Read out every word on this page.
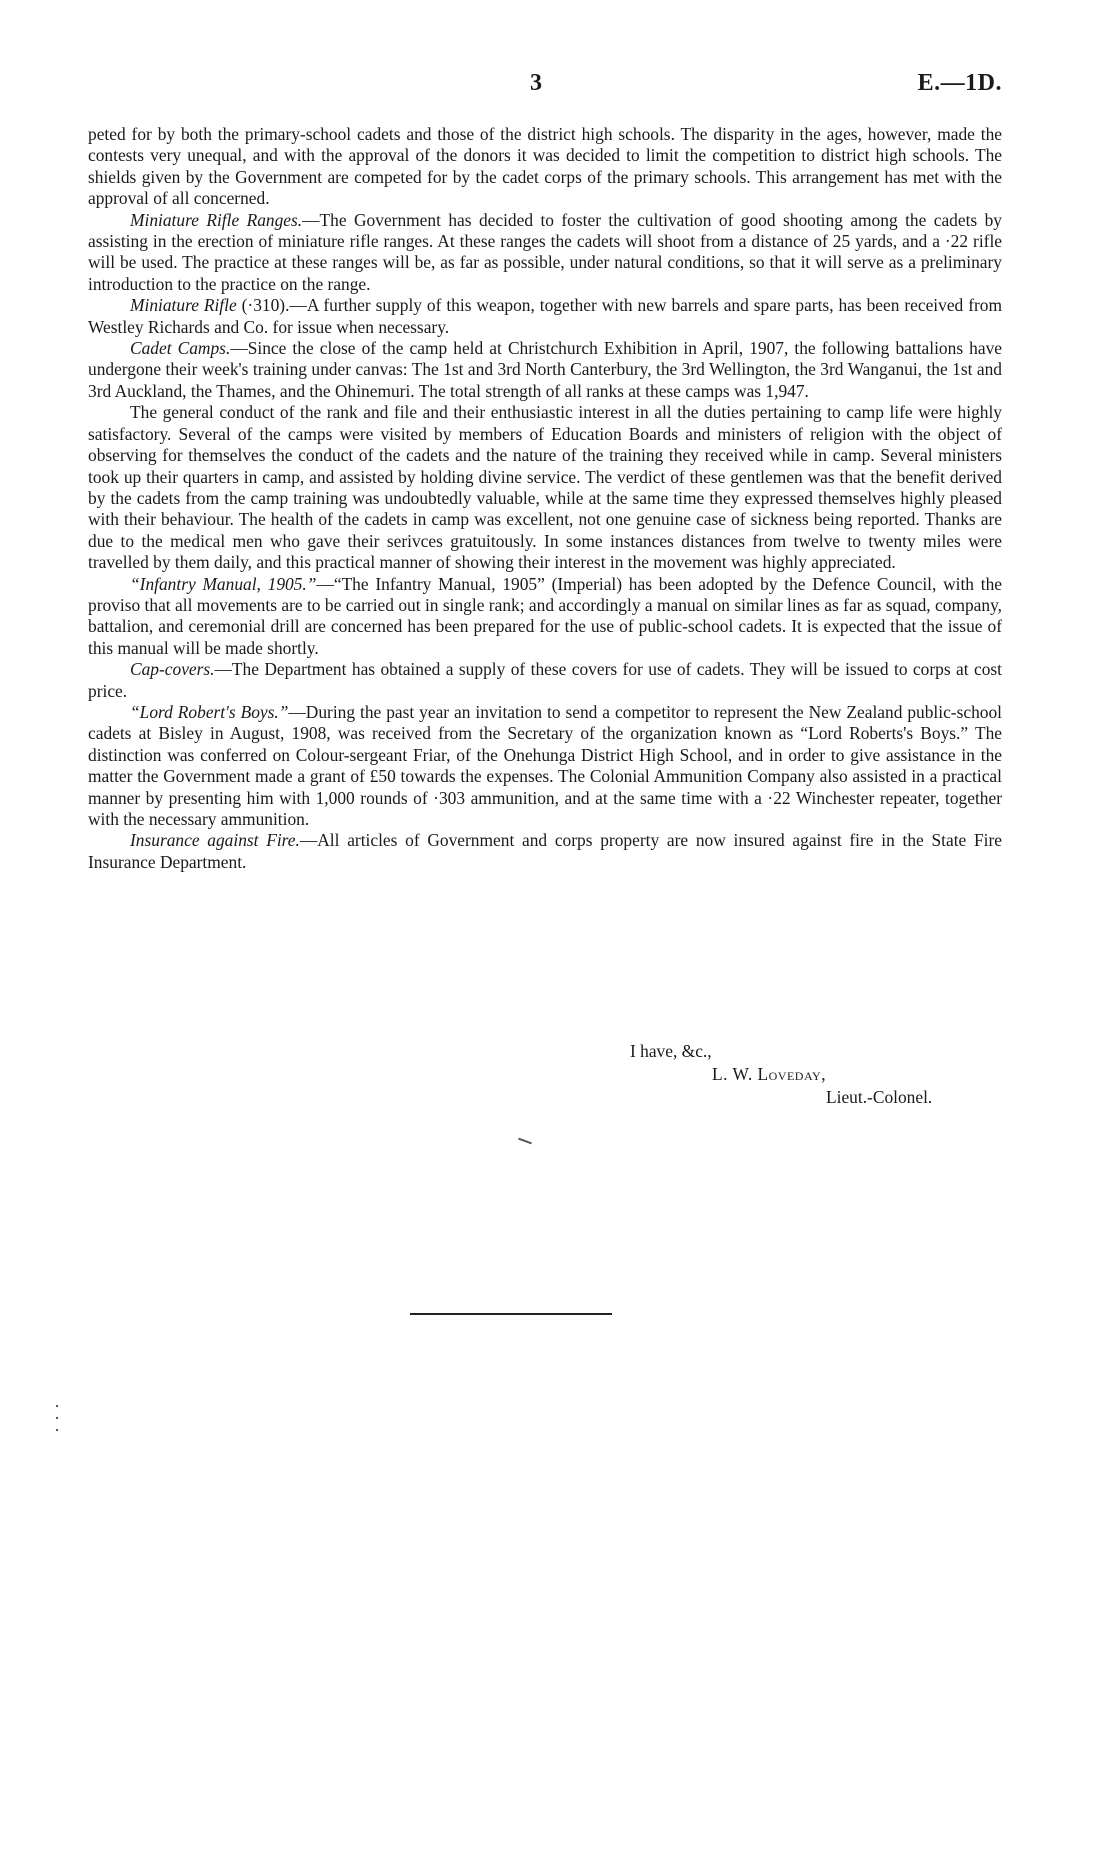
3	E.—1D.

peted for by both the primary-school cadets and those of the district high schools. The disparity in the ages, however, made the contests very unequal, and with the approval of the donors it was decided to limit the competition to district high schools. The shields given by the Government are competed for by the cadet corps of the primary schools. This arrangement has met with the approval of all concerned.

Miniature Rifle Ranges.—The Government has decided to foster the cultivation of good shooting among the cadets by assisting in the erection of miniature rifle ranges. At these ranges the cadets will shoot from a distance of 25 yards, and a ·22 rifle will be used. The practice at these ranges will be, as far as possible, under natural conditions, so that it will serve as a preliminary introduction to the practice on the range.

Miniature Rifle (·310).—A further supply of this weapon, together with new barrels and spare parts, has been received from Westley Richards and Co. for issue when necessary.

Cadet Camps.—Since the close of the camp held at Christchurch Exhibition in April, 1907, the following battalions have undergone their week's training under canvas: The 1st and 3rd North Canterbury, the 3rd Wellington, the 3rd Wanganui, the 1st and 3rd Auckland, the Thames, and the Ohinemuri. The total strength of all ranks at these camps was 1,947.

The general conduct of the rank and file and their enthusiastic interest in all the duties pertaining to camp life were highly satisfactory. Several of the camps were visited by members of Education Boards and ministers of religion with the object of observing for themselves the conduct of the cadets and the nature of the training they received while in camp. Several ministers took up their quarters in camp, and assisted by holding divine service. The verdict of these gentlemen was that the benefit derived by the cadets from the camp training was undoubtedly valuable, while at the same time they expressed themselves highly pleased with their behaviour. The health of the cadets in camp was excellent, not one genuine case of sickness being reported. Thanks are due to the medical men who gave their serivces gratuitously. In some instances distances from twelve to twenty miles were travelled by them daily, and this practical manner of showing their interest in the movement was highly appreciated.

“Infantry Manual, 1905.”—“The Infantry Manual, 1905” (Imperial) has been adopted by the Defence Council, with the proviso that all movements are to be carried out in single rank; and accordingly a manual on similar lines as far as squad, company, battalion, and ceremonial drill are concerned has been prepared for the use of public-school cadets. It is expected that the issue of this manual will be made shortly.

Cap-covers.—The Department has obtained a supply of these covers for use of cadets. They will be issued to corps at cost price.

“Lord Robert's Boys.”—During the past year an invitation to send a competitor to represent the New Zealand public-school cadets at Bisley in August, 1908, was received from the Secretary of the organization known as “Lord Roberts's Boys.” The distinction was conferred on Colour-sergeant Friar, of the Onehunga District High School, and in order to give assistance in the matter the Government made a grant of £50 towards the expenses. The Colonial Ammunition Company also assisted in a practical manner by presenting him with 1,000 rounds of ·303 ammunition, and at the same time with a ·22 Winchester repeater, together with the necessary ammunition.

Insurance against Fire.—All articles of Government and corps property are now insured against fire in the State Fire Insurance Department.

I have, &c.,
L. W. Loveday,
Lieut.-Colonel.
